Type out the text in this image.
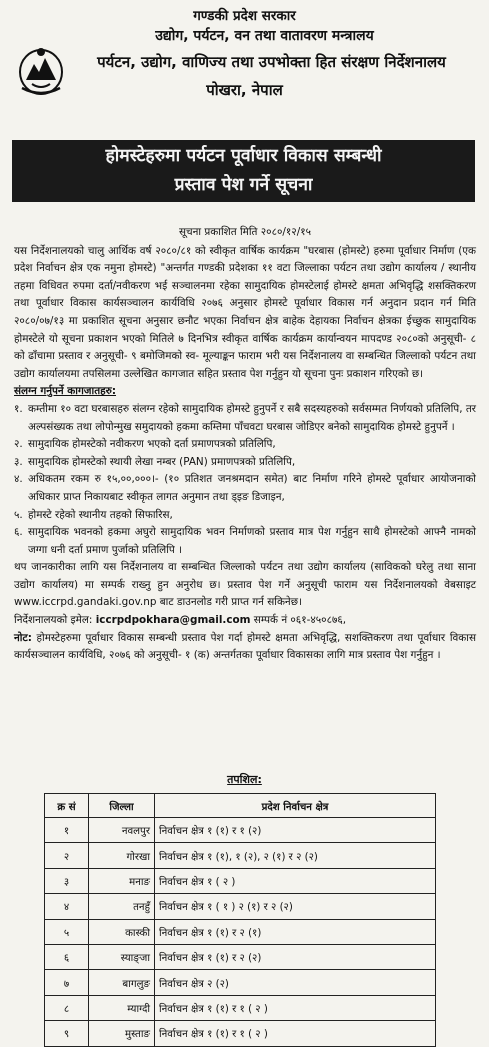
गण्डकी प्रदेश सरकार
उद्योग, पर्यटन, वन तथा वातावरण मन्त्रालय
पर्यटन, उद्योग, वाणिज्य तथा उपभोक्ता हित संरक्षण निर्देशनालय
पोखरा, नेपाल
होमस्टेहरुमा पर्यटन पूर्वाधार विकास सम्बन्धी
प्रस्ताव पेश गर्ने सूचना
सूचना प्रकाशित मिति २०८०/१२/१५

यस निर्देशनालयको चालु आर्थिक वर्ष २०८०/८१ को स्वीकृत वार्षिक कार्यक्रम "घरबास (होमस्टे) हरुमा पूर्वाधार निर्माण (एक प्रदेश निर्वाचन क्षेत्र एक नमुना होमस्टे) "अन्तर्गत गण्डकी प्रदेशका ११ वटा जिल्लाका पर्यटन तथा उद्योग कार्यालय / स्थानीय तहमा विधिवत रुपमा दर्ता/नवीकरण भई सञ्चालनमा रहेका सामुदायिक होमस्टेलाई होमस्टे क्षमता अभिवृद्धि शसक्तिकरण तथा पूर्वाधार विकास कार्यसञ्चालन कार्यविधि २०७६ अनुसार होमस्टे पूर्वाधार विकास गर्न अनुदान प्रदान गर्न मिति २०८०/०७/१३ मा प्रकाशित सूचना अनुसार छनौट भएका निर्वाचन क्षेत्र बाहेक देहायका निर्वाचन क्षेत्रका ईच्छुक सामुदायिक होमस्टेले यो सूचना प्रकाशन भएको मितिले ७ दिनभित्र स्वीकृत वार्षिक कार्यक्रम कार्यान्वयन मापदण्ड २०८०को अनुसूची- ८ को ढाँचामा प्रस्ताव र अनुसूची- ९ बमोजिमको स्व- मूल्याङ्कन फाराम भरी यस निर्देशनालय वा सम्बन्धित जिल्लाको पर्यटन तथा उद्योग कार्यालयमा तपसिलमा उल्लेखित कागजात सहित प्रस्ताव पेश गर्नुहुन यो सूचना पुनः प्रकाशन गरिएको छ।

संलग्न गर्नुपर्ने कागजातहरु:
१. कम्तीमा १० वटा घरबासहरु संलग्न रहेको सामुदायिक होमस्टे हुनुपर्ने र सबै सदस्यहरुको सर्वसम्मत निर्णयको प्रतिलिपि, तर अल्पसंख्यक तथा लोपोन्मुख समुदायको हकमा कम्तिमा पाँचवटा घरबास जोडिएर बनेको सामुदायिक होमस्टे हुनुपर्ने ।
२. सामुदायिक होमस्टेको नवीकरण भएको दर्ता प्रमाणपत्रको प्रतिलिपि,
३. सामुदायिक होमस्टेको स्थायी लेखा नम्बर (PAN) प्रमाणपत्रको प्रतिलिपि,
४. अधिकतम रकम रु १५,००,०००।- (१० प्रतिशत जनश्रमदान समेत) बाट निर्माण गरिने होमस्टे पूर्वाधार आयोजनाको अधिकार प्राप्त निकायबाट स्वीकृत लागत अनुमान तथा ड्इङ डिजाइन,
५. होमस्टे रहेको स्थानीय तहको सिफारिस,
६. सामुदायिक भवनको हकमा अघुरो सामुदायिक भवन निर्माणको प्रस्ताव मात्र पेश गर्नुहुन साथै होमस्टेको आफ्नै नामको जग्गा धनी दर्ता प्रमाण पुर्जाको प्रतिलिपि ।

थप जानकारीका लागि यस निर्देशनालय वा सम्बन्धित जिल्लाको पर्यटन तथा उद्योग कार्यालय (साविकको घरेलु तथा साना उद्योग कार्यालय) मा सम्पर्क राख्नु हुन अनुरोध छ। प्रस्ताव पेश गर्ने अनुसूची फाराम यस निर्देशनालयको वेबसाइट www.iccrpd.gandaki.gov.np बाट डाउनलोड गरी प्राप्त गर्न सकिनेछ।

निर्देशनालयको इमेल: iccrpdpokhara@gmail.com सम्पर्क नं ०६१-४५०८७६,

नोट: होमस्टेहरुमा पूर्वाधार विकास सम्बन्धी प्रस्ताव पेश गर्दा होमस्टे क्षमता अभिवृद्धि, सशक्तिकरण तथा पूर्वाधार विकास कार्यसञ्चालन कार्यविधि, २०७६ को अनुसूची- १ (क) अन्तर्गतका पूर्वाधार विकासका लागि मात्र प्रस्ताव पेश गर्नुहुन ।

तपशिल:
क्र सं	जिल्ला	प्रदेश निर्वाचन क्षेत्र
१	नवलपुर	निर्वाचन क्षेत्र १ (१) र १ (२)
२	गोरखा	निर्वाचन क्षेत्र १ (१), १ (२), २ (१) र २ (२)
३	मनाङ	निर्वाचन क्षेत्र १ ( २ )
४	तनहुँ	निर्वाचन क्षेत्र १ ( १ ) २ (१) र २ (२)
५	कास्की	निर्वाचन क्षेत्र १ (१) र २ (१)
६	स्याङ्जा	निर्वाचन क्षेत्र १ (१) र २ (२)
७	बागलुङ	निर्वाचन क्षेत्र २ (२)
८	म्याग्दी	निर्वाचन क्षेत्र १ (१) र १ ( २ )
९	मुस्ताङ	निर्वाचन क्षेत्र १ (१) र १ ( २ )
